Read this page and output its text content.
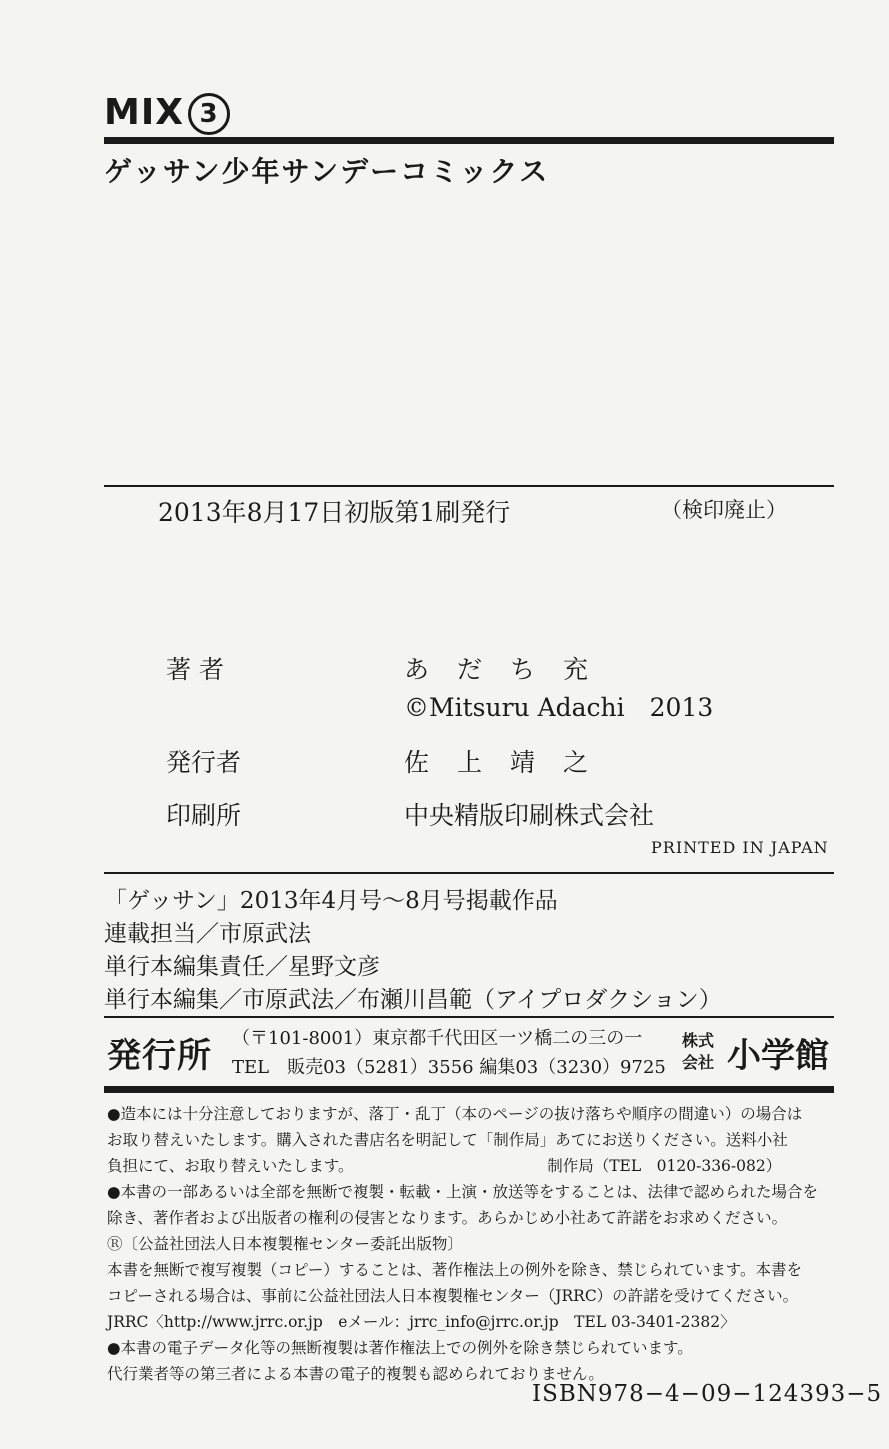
MIX 3
ゲッサン少年サンデーコミックス
2013年8月17日初版第1刷発行	（検印廃止）
著 者	あだち充
©Mitsuru Adachi　2013
発行者	佐上靖之
印刷所	中央精版印刷株式会社
PRINTED IN JAPAN
「ゲッサン」2013年4月号〜8月号掲載作品
連載担当／市原武法
単行本編集責任／星野文彦
単行本編集／市原武法／布瀬川昌範（アイプロダクション）
発行所 （〒101-8001）東京都千代田区一ツ橋二の三の一
TEL　販売03（5281）3556 編集03（3230）9725
株式
会社 小学館
●造本には十分注意しておりますが、落丁・乱丁（本のページの抜け落ちや順序の間違い）の場合は
お取り替えいたします。購入された書店名を明記して「制作局」あてにお送りください。送料小社
負担にて、お取り替えいたします。　　　　　　　　　　　　　制作局（TEL　0120-336-082）
●本書の一部あるいは全部を無断で複製・転載・上演・放送等をすることは、法律で認められた場合を
除き、著作者および出版者の権利の侵害となります。あらかじめ小社あて許諾をお求めください。
Ⓡ〔公益社団法人日本複製権センター委託出版物〕
本書を無断で複写複製（コピー）することは、著作権法上の例外を除き、禁じられています。本書を
コピーされる場合は、事前に公益社団法人日本複製権センター（JRRC）の許諾を受けてください。
JRRC〈http://www.jrrc.or.jp　eメール：jrrc_info@jrrc.or.jp　TEL 03-3401-2382〉
●本書の電子データ化等の無断複製は著作権法上での例外を除き禁じられています。
代行業者等の第三者による本書の電子的複製も認められておりません。
ISBN978−4−09−124393−5
